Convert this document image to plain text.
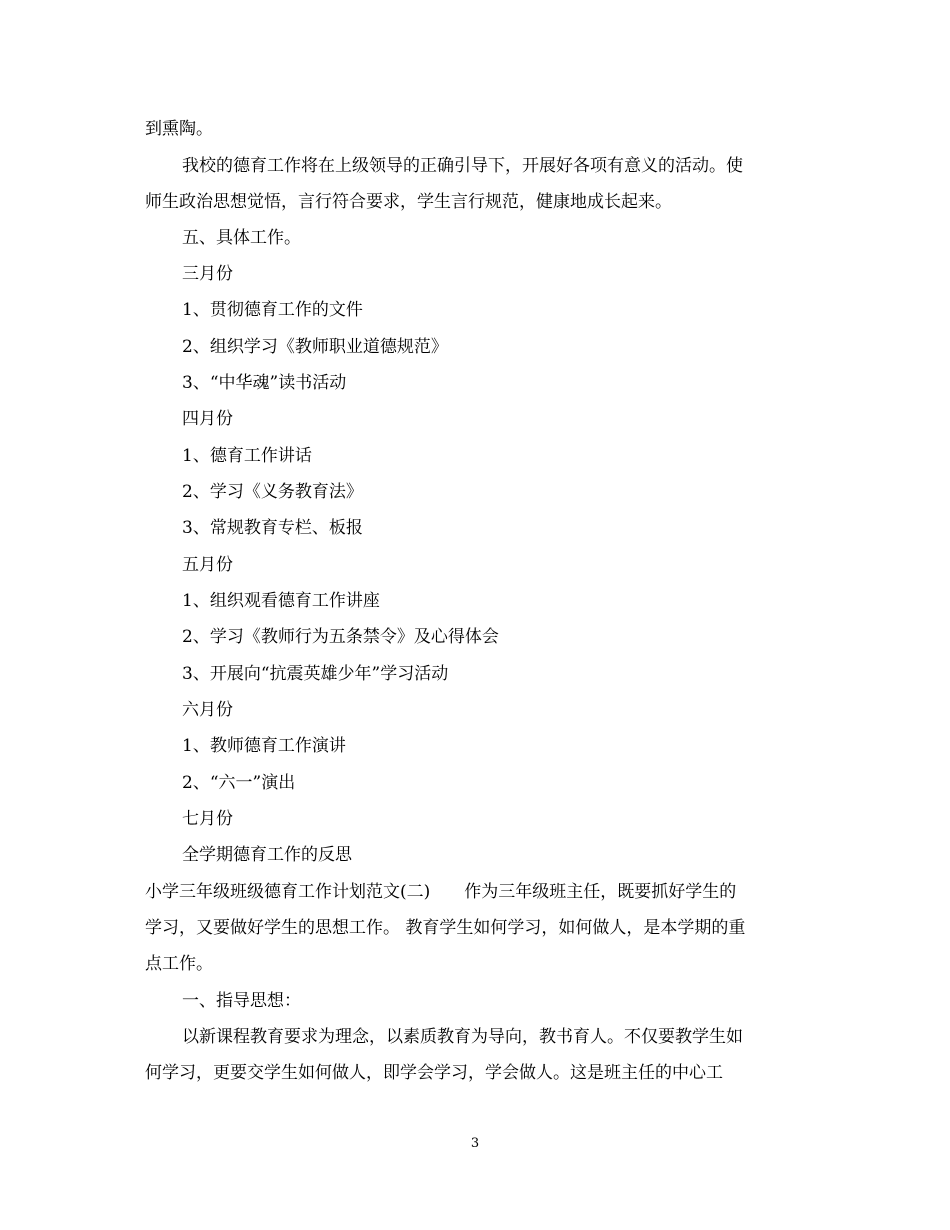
到熏陶。
我校的德育工作将在上级领导的正确引导下，开展好各项有意义的活动。使
师生政治思想觉悟，言行符合要求，学生言行规范，健康地成长起来。
五、具体工作。
三月份
1、贯彻德育工作的文件
2、组织学习《教师职业道德规范》
3、“中华魂”读书活动
四月份
1、德育工作讲话
2、学习《义务教育法》
3、常规教育专栏、板报
五月份
1、组织观看德育工作讲座
2、学习《教师行为五条禁令》及心得体会
3、开展向“抗震英雄少年”学习活动
六月份
1、教师德育工作演讲
2、“六一”演出
七月份
全学期德育工作的反思
小学三年级班级德育工作计划范文(二)　　作为三年级班主任，既要抓好学生的
学习，又要做好学生的思想工作。 教育学生如何学习，如何做人，是本学期的重
点工作。
一、指导思想：
以新课程教育要求为理念，以素质教育为导向，教书育人。不仅要教学生如
何学习，更要交学生如何做人，即学会学习，学会做人。这是班主任的中心工
3
